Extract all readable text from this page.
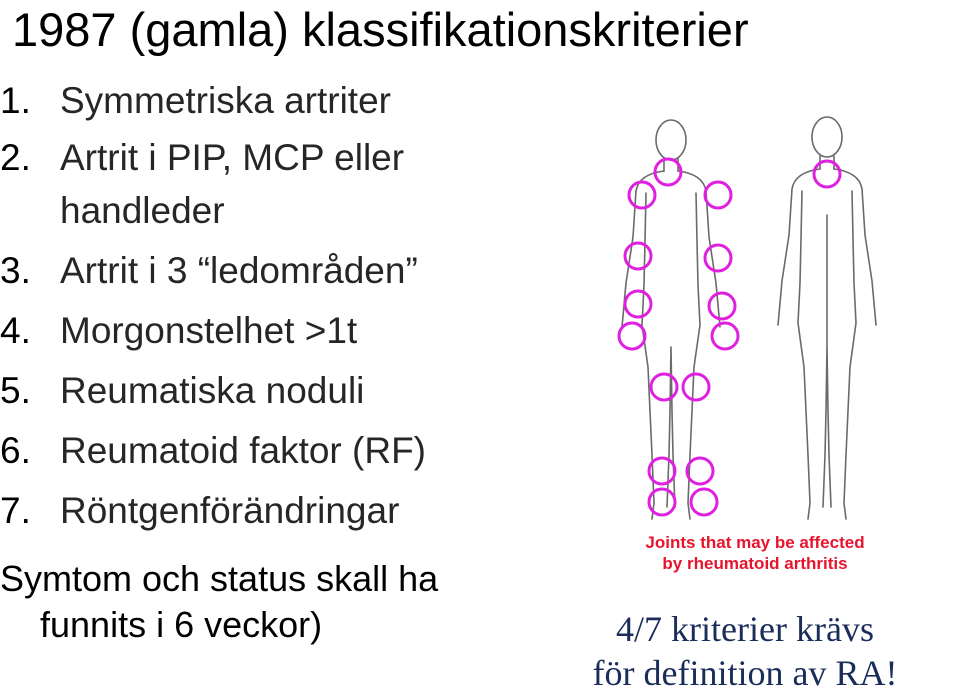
1987 (gamla) klassifikationskriterier
1. Symmetriska artriter
2. Artrit i PIP, MCP eller
handleder
3. Artrit i 3 “ledområden”
4. Morgonstelhet >1t
5. Reumatiska noduli
6. Reumatoid faktor (RF)
7. Röntgenförändringar
Symtom och status skall ha
funnits i 6 veckor)
Joints that may be affected
by rheumatoid arthritis
4/7 kriterier krävs
för definition av RA!
